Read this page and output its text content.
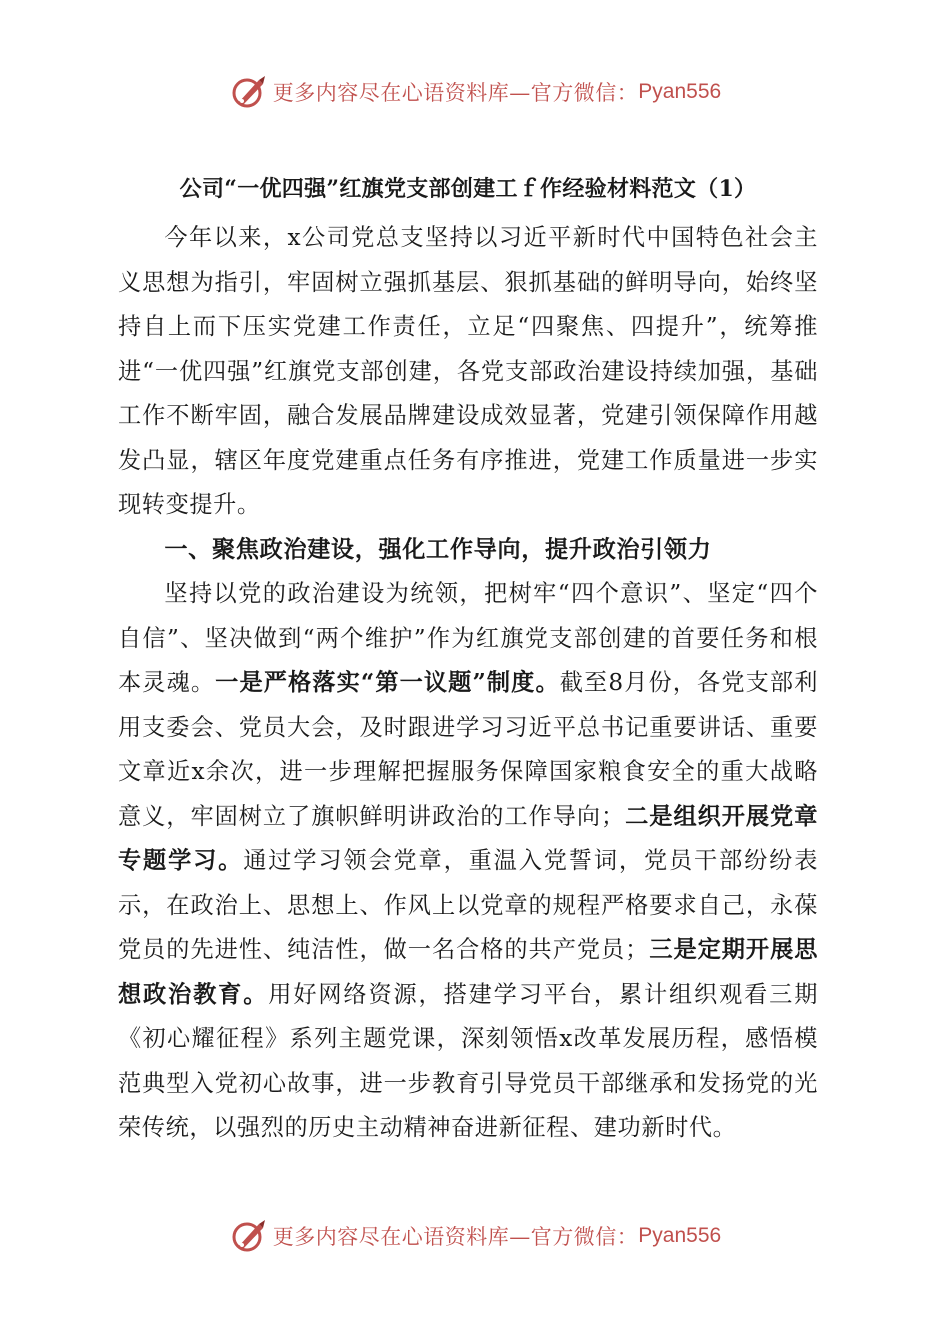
更多内容尽在心语资料库—官方微信： Pyan556
公司“一优四强”红旗党支部创建工ｆ作经验材料范文（1）

今年以来，x公司党总支坚持以习近平新时代中国特色社会主义思想为指引，牢固树立强抓基层、狠抓基础的鲜明导向，始终坚持自上而下压实党建工作责任，立足“四聚焦、四提升”，统筹推进“一优四强”红旗党支部创建，各党支部政治建设持续加强，基础工作不断牢固，融合发展品牌建设成效显著，党建引领保障作用越发凸显，辖区年度党建重点任务有序推进，党建工作质量进一步实现转变提升。

一、聚焦政治建设，强化工作导向，提升政治引领力

坚持以党的政治建设为统领，把树牢“四个意识”、坚定“四个自信”、坚决做到“两个维护”作为红旗党支部创建的首要任务和根本灵魂。一是严格落实“第一议题”制度。截至8月份，各党支部利用支委会、党员大会，及时跟进学习习近平总书记重要讲话、重要文章近x余次，进一步理解把握服务保障国家粮食安全的重大战略意义，牢固树立了旗帜鲜明讲政治的工作导向；二是组织开展党章专题学习。通过学习领会党章，重温入党誓词，党员干部纷纷表示，在政治上、思想上、作风上以党章的规程严格要求自己，永葆党员的先进性、纯洁性，做一名合格的共产党员；三是定期开展思想政治教育。用好网络资源，搭建学习平台，累计组织观看三期《初心耀征程》系列主题党课，深刻领悟x改革发展历程，感悟模范典型入党初心故事，进一步教育引导党员干部继承和发扬党的光荣传统，以强烈的历史主动精神奋进新征程、建功新时代。

更多内容尽在心语资料库—官方微信： Pyan556
